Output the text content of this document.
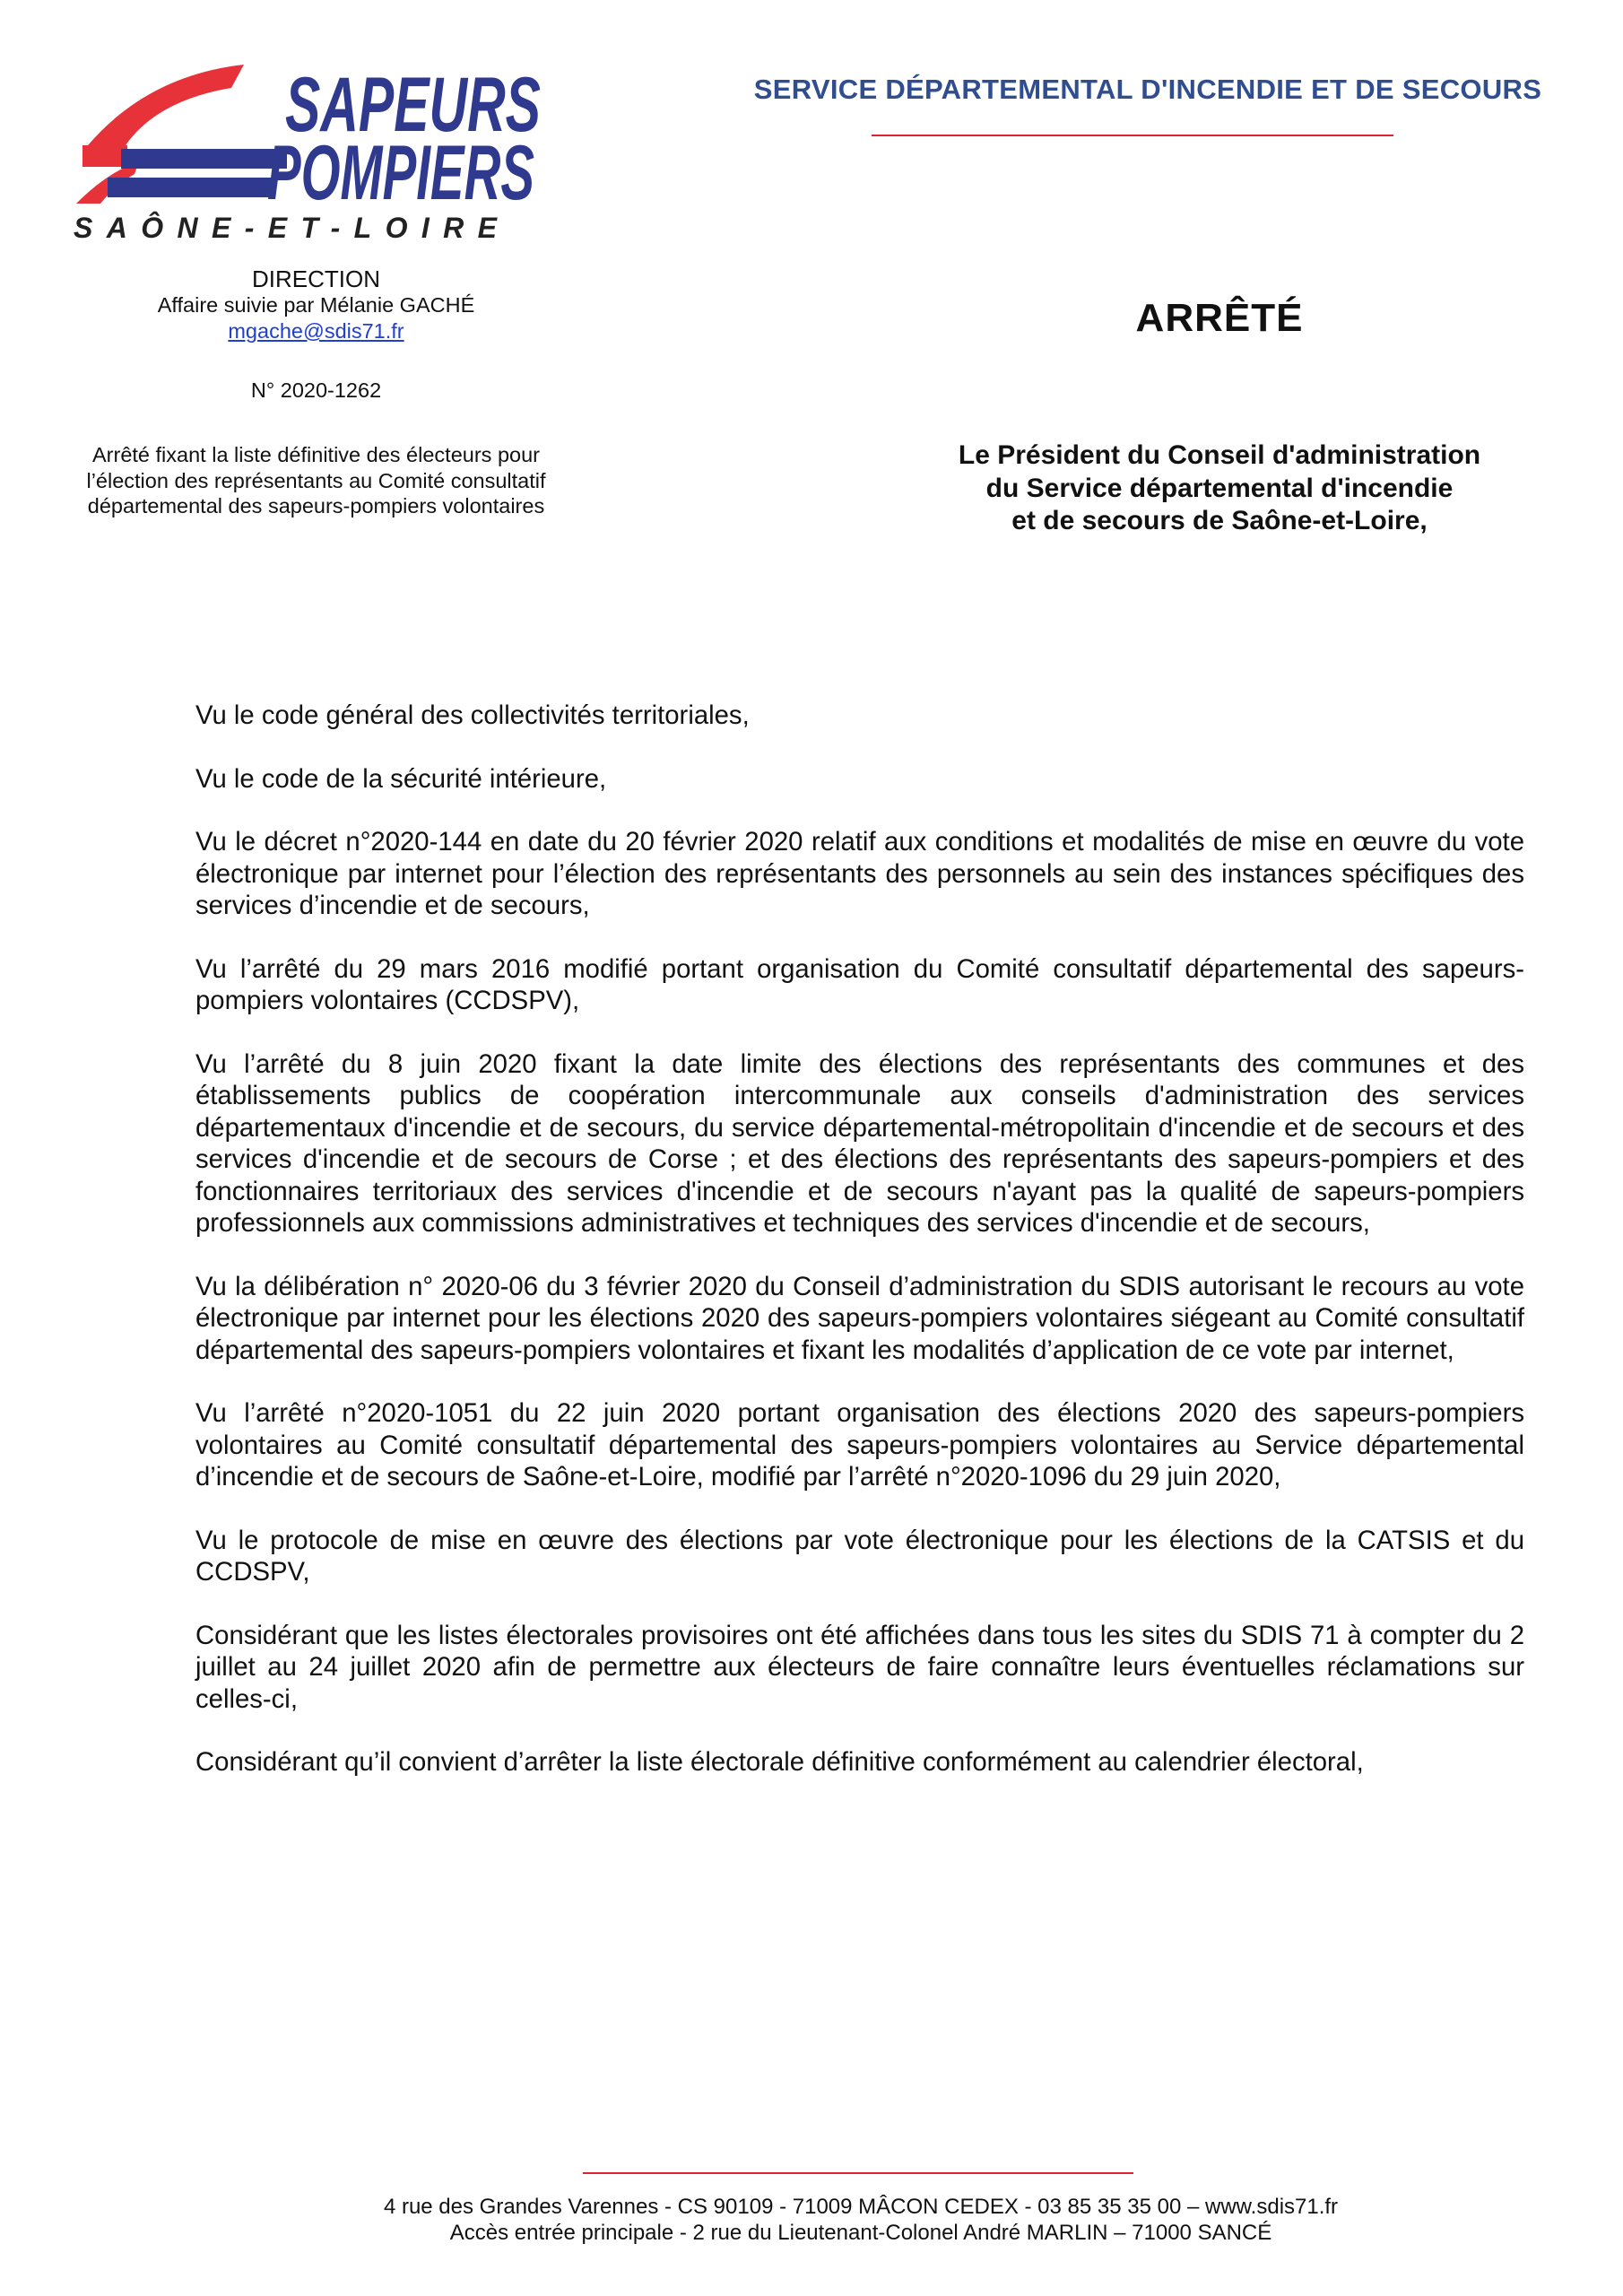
SAPEURS
POMPIERS
SAÔNE-ET-LOIRE
SERVICE DÉPARTEMENTAL D'INCENDIE ET DE SECOURS
DIRECTION
Affaire suivie par Mélanie GACHÉ
mgache@sdis71.fr
N° 2020-1262
Arrêté fixant la liste définitive des électeurs pour l’élection des représentants au Comité consultatif départemental des sapeurs-pompiers volontaires
ARRÊTÉ
Le Président du Conseil d'administration
du Service départemental d'incendie
et de secours de Saône-et-Loire,

Vu le code général des collectivités territoriales,

Vu le code de la sécurité intérieure,

Vu le décret n°2020-144 en date du 20 février 2020 relatif aux conditions et modalités de mise en œuvre du vote électronique par internet pour l’élection des représentants des personnels au sein des instances spécifiques des services d’incendie et de secours,

Vu l’arrêté du 29 mars 2016 modifié portant organisation du Comité consultatif départemental des sapeurs-pompiers volontaires (CCDSPV),

Vu l’arrêté du 8 juin 2020 fixant la date limite des élections des représentants des communes et des établissements publics de coopération intercommunale aux conseils d'administration des services départementaux d'incendie et de secours, du service départemental-métropolitain d'incendie et de secours et des services d'incendie et de secours de Corse ; et des élections des représentants des sapeurs-pompiers et des fonctionnaires territoriaux des services d'incendie et de secours n'ayant pas la qualité de sapeurs-pompiers professionnels aux commissions administratives et techniques des services d'incendie et de secours,

Vu la délibération n° 2020-06 du 3 février 2020 du Conseil d’administration du SDIS autorisant le recours au vote électronique par internet pour les élections 2020 des sapeurs-pompiers volontaires siégeant au Comité consultatif départemental des sapeurs-pompiers volontaires et fixant les modalités d’application de ce vote par internet,

Vu l’arrêté n°2020-1051 du 22 juin 2020 portant organisation des élections 2020 des sapeurs-pompiers volontaires au Comité consultatif départemental des sapeurs-pompiers volontaires au Service départemental d’incendie et de secours de Saône-et-Loire, modifié par l’arrêté n°2020-1096 du 29 juin 2020,

Vu le protocole de mise en œuvre des élections par vote électronique pour les élections de la CATSIS et du CCDSPV,

Considérant que les listes électorales provisoires ont été affichées dans tous les sites du SDIS 71 à compter du 2 juillet au 24 juillet 2020 afin de permettre aux électeurs de faire connaître leurs éventuelles réclamations sur celles-ci,

Considérant qu’il convient d’arrêter la liste électorale définitive conformément au calendrier électoral,

4 rue des Grandes Varennes - CS 90109 - 71009 MÂCON CEDEX - 03 85 35 35 00 – www.sdis71.fr
Accès entrée principale - 2 rue du Lieutenant-Colonel André MARLIN – 71000 SANCÉ
